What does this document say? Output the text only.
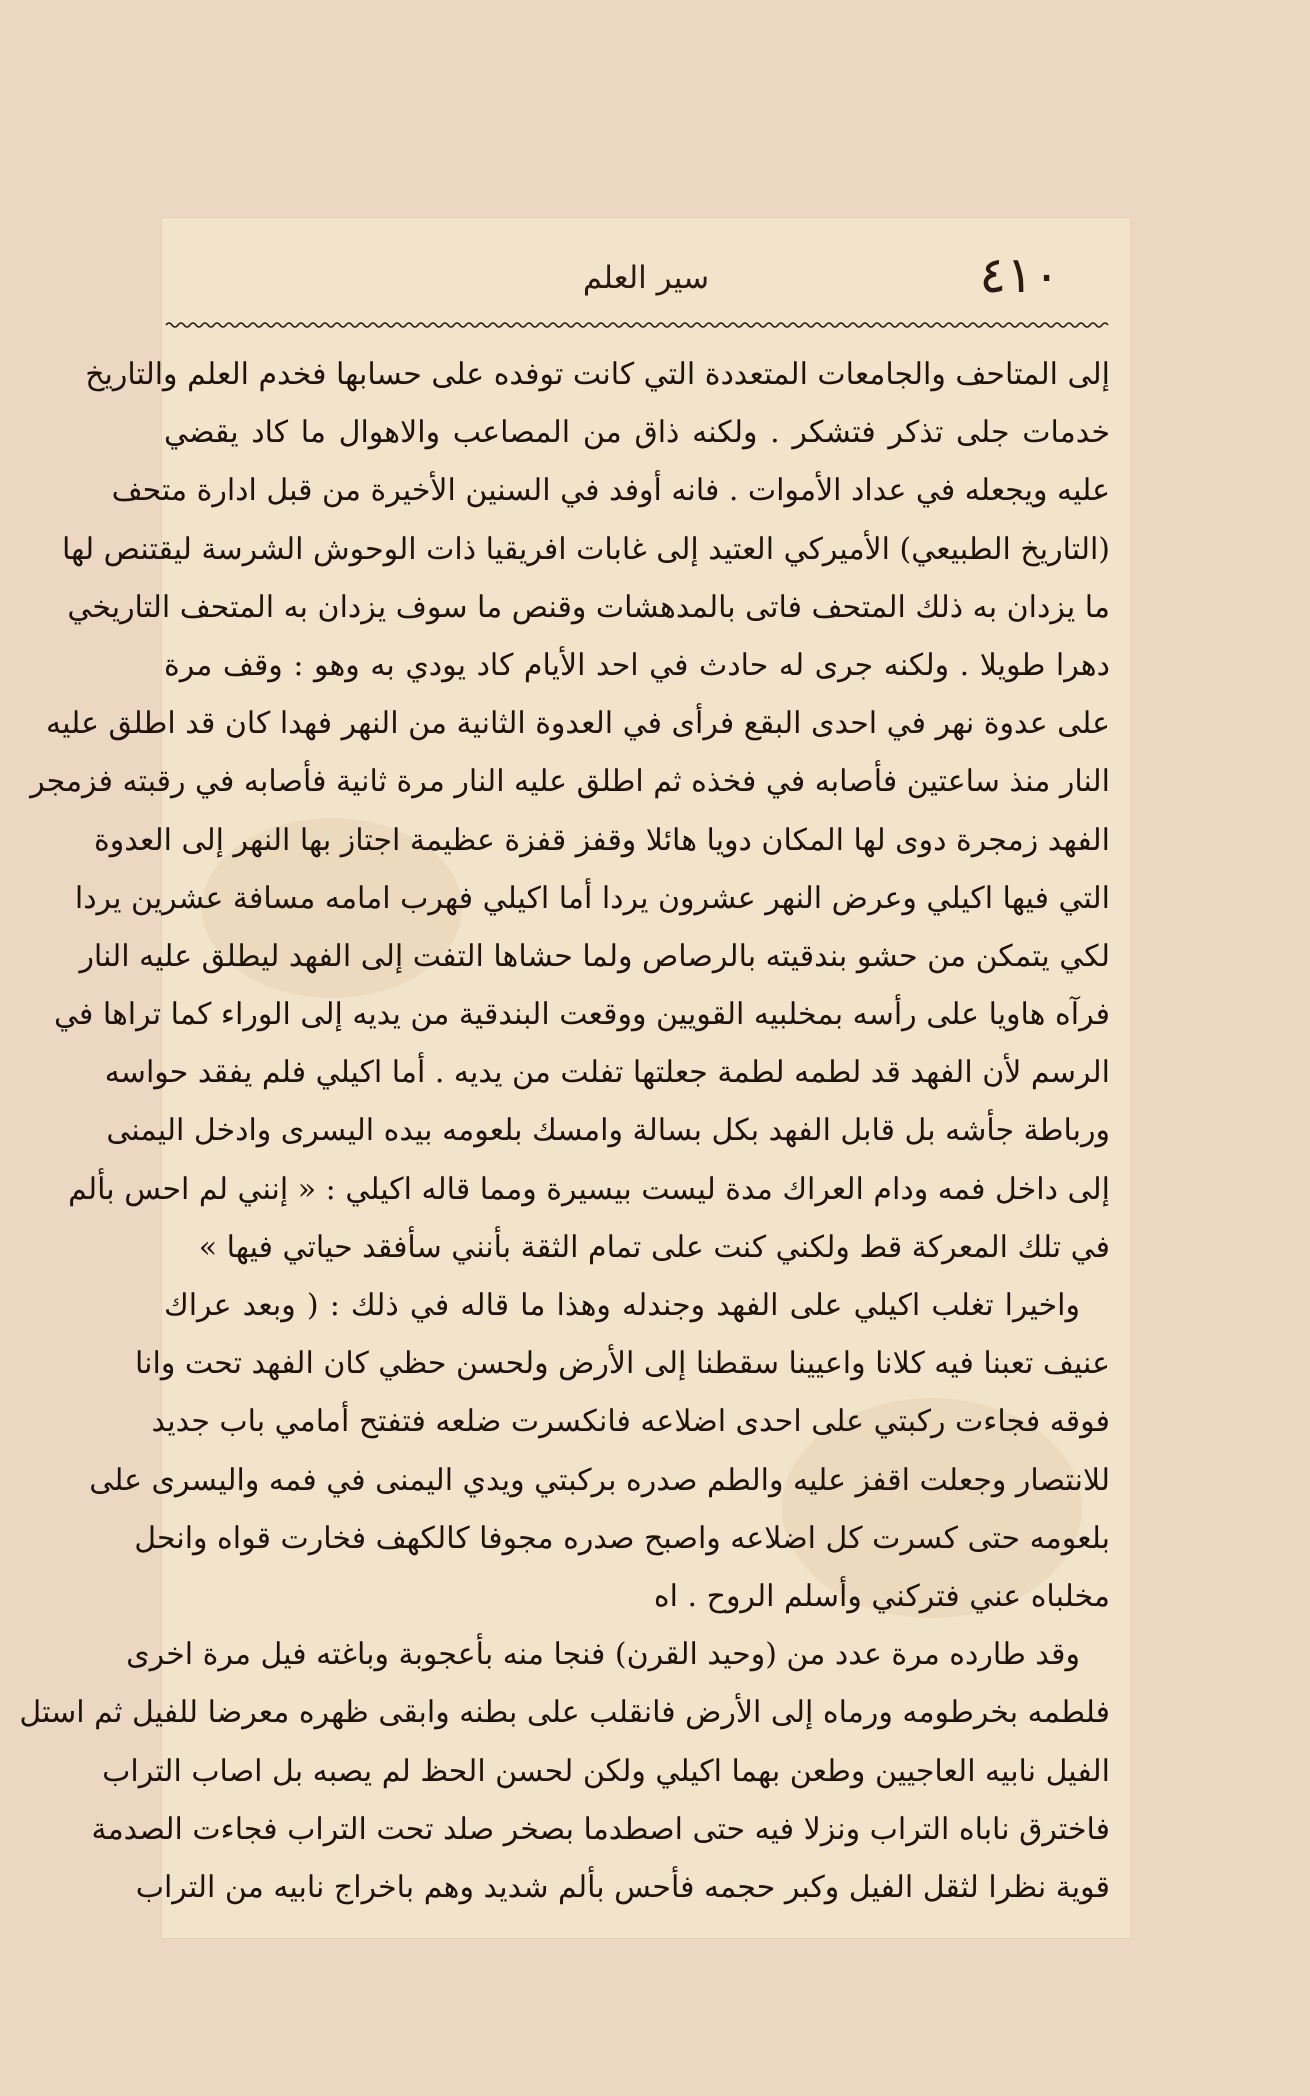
٤١٠
سير العلم
إلى المتاحف والجامعات المتعددة التي كانت توفده على حسابها فخدم العلم والتاريخ
خدمات جلى تذكر فتشكر . ولكنه ذاق من المصاعب والاهوال ما كاد يقضي
عليه ويجعله في عداد الأموات . فانه أوفد في السنين الأخيرة من قبل ادارة متحف
(التاريخ الطبيعي) الأميركي العتيد إلى غابات افريقيا ذات الوحوش الشرسة ليقتنص لها
ما يزدان به ذلك المتحف فاتى بالمدهشات وقنص ما سوف يزدان به المتحف التاريخي
دهرا طويلا . ولكنه جرى له حادث في احد الأيام كاد يودي به وهو : وقف مرة
على عدوة نهر في احدى البقع فرأى في العدوة الثانية من النهر فهدا كان قد اطلق عليه
النار منذ ساعتين فأصابه في فخذه ثم اطلق عليه النار مرة ثانية فأصابه في رقبته فزمجر
الفهد زمجرة دوى لها المكان دويا هائلا وقفز قفزة عظيمة اجتاز بها النهر إلى العدوة
التي فيها اكيلي وعرض النهر عشرون يردا أما اكيلي فهرب امامه مسافة عشرين يردا
لكي يتمكن من حشو بندقيته بالرصاص ولما حشاها التفت إلى الفهد ليطلق عليه النار
فرآه هاويا على رأسه بمخلبيه القويين ووقعت البندقية من يديه إلى الوراء كما تراها في
الرسم لأن الفهد قد لطمه لطمة جعلتها تفلت من يديه . أما اكيلي فلم يفقد حواسه
ورباطة جأشه بل قابل الفهد بكل بسالة وامسك بلعومه بيده اليسرى وادخل اليمنى
إلى داخل فمه ودام العراك مدة ليست بيسيرة ومما قاله اكيلي : « إنني لم احس بألم
في تلك المعركة قط ولكني كنت على تمام الثقة بأنني سأفقد حياتي فيها »
واخيرا تغلب اكيلي على الفهد وجندله وهذا ما قاله في ذلك : ( وبعد عراك
عنيف تعبنا فيه كلانا واعيينا سقطنا إلى الأرض ولحسن حظي كان الفهد تحت وانا
فوقه فجاءت ركبتي على احدى اضلاعه فانكسرت ضلعه فتفتح أمامي باب جديد
للانتصار وجعلت اقفز عليه والطم صدره بركبتي ويدي اليمنى في فمه واليسرى على
بلعومه حتى كسرت كل اضلاعه واصبح صدره مجوفا كالكهف فخارت قواه وانحل
مخلباه عني فتركني وأسلم الروح . اه
وقد طارده مرة عدد من (وحيد القرن) فنجا منه بأعجوبة وباغته فيل مرة اخرى
فلطمه بخرطومه ورماه إلى الأرض فانقلب على بطنه وابقى ظهره معرضا للفيل ثم استل
الفيل نابيه العاجيين وطعن بهما اكيلي ولكن لحسن الحظ لم يصبه بل اصاب التراب
فاخترق ناباه التراب ونزلا فيه حتى اصطدما بصخر صلد تحت التراب فجاءت الصدمة
قوية نظرا لثقل الفيل وكبر حجمه فأحس بألم شديد وهم باخراج نابيه من التراب
